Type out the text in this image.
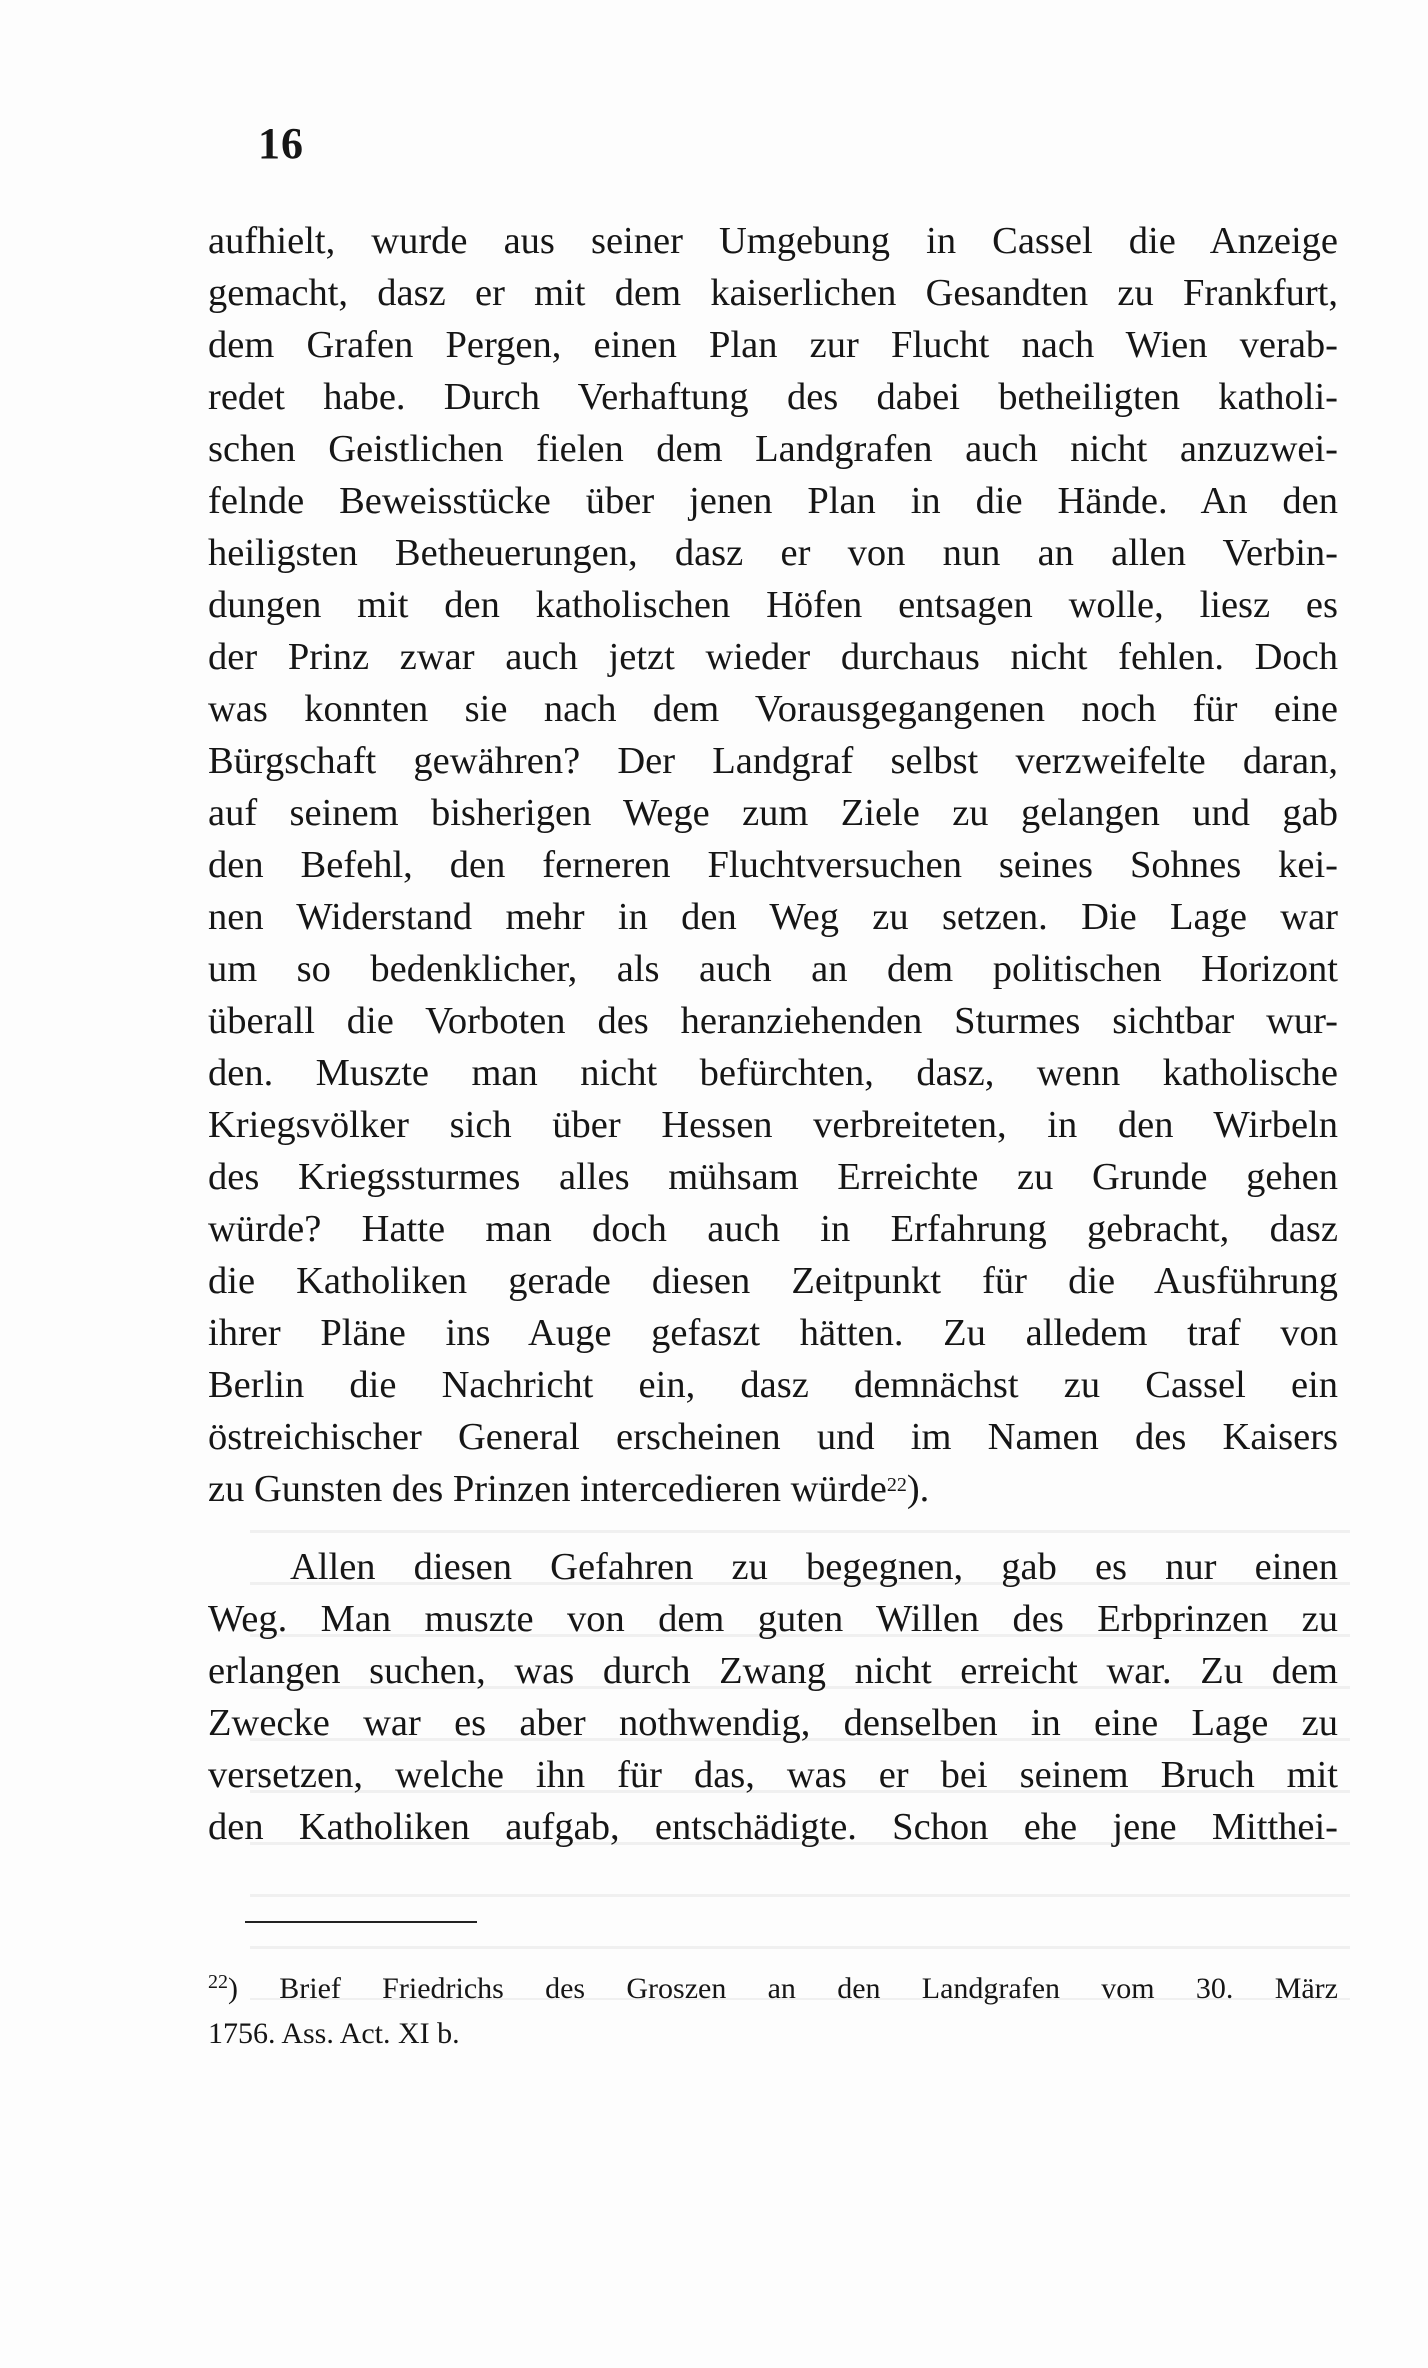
16
aufhielt, wurde aus seiner Umgebung in Cassel die Anzeige
gemacht, dasz er mit dem kaiserlichen Gesandten zu Frankfurt,
dem Grafen Pergen, einen Plan zur Flucht nach Wien verab-
redet habe. Durch Verhaftung des dabei betheiligten katholi-
schen Geistlichen fielen dem Landgrafen auch nicht anzuzwei-
felnde Beweisstücke über jenen Plan in die Hände. An den
heiligsten Betheuerungen, dasz er von nun an allen Verbin-
dungen mit den katholischen Höfen entsagen wolle, liesz es
der Prinz zwar auch jetzt wieder durchaus nicht fehlen. Doch
was konnten sie nach dem Vorausgegangenen noch für eine
Bürgschaft gewähren? Der Landgraf selbst verzweifelte daran,
auf seinem bisherigen Wege zum Ziele zu gelangen und gab
den Befehl, den ferneren Fluchtversuchen seines Sohnes kei-
nen Widerstand mehr in den Weg zu setzen. Die Lage war
um so bedenklicher, als auch an dem politischen Horizont
überall die Vorboten des heranziehenden Sturmes sichtbar wur-
den. Muszte man nicht befürchten, dasz, wenn katholische
Kriegsvölker sich über Hessen verbreiteten, in den Wirbeln
des Kriegssturmes alles mühsam Erreichte zu Grunde gehen
würde? Hatte man doch auch in Erfahrung gebracht, dasz
die Katholiken gerade diesen Zeitpunkt für die Ausführung
ihrer Pläne ins Auge gefaszt hätten. Zu alledem traf von
Berlin die Nachricht ein, dasz demnächst zu Cassel ein
östreichischer General erscheinen und im Namen des Kaisers
zu Gunsten des Prinzen intercedieren würde$^{22}$).
Allen diesen Gefahren zu begegnen, gab es nur einen
Weg. Man muszte von dem guten Willen des Erbprinzen zu
erlangen suchen, was durch Zwang nicht erreicht war. Zu dem
Zwecke war es aber nothwendig, denselben in eine Lage zu
versetzen, welche ihn für das, was er bei seinem Bruch mit
den Katholiken aufgab, entschädigte. Schon ehe jene Mitthei-
$^{22}$) Brief Friedrichs des Groszen an den Landgrafen vom 30. März
1756. Ass. Act. XI b.
